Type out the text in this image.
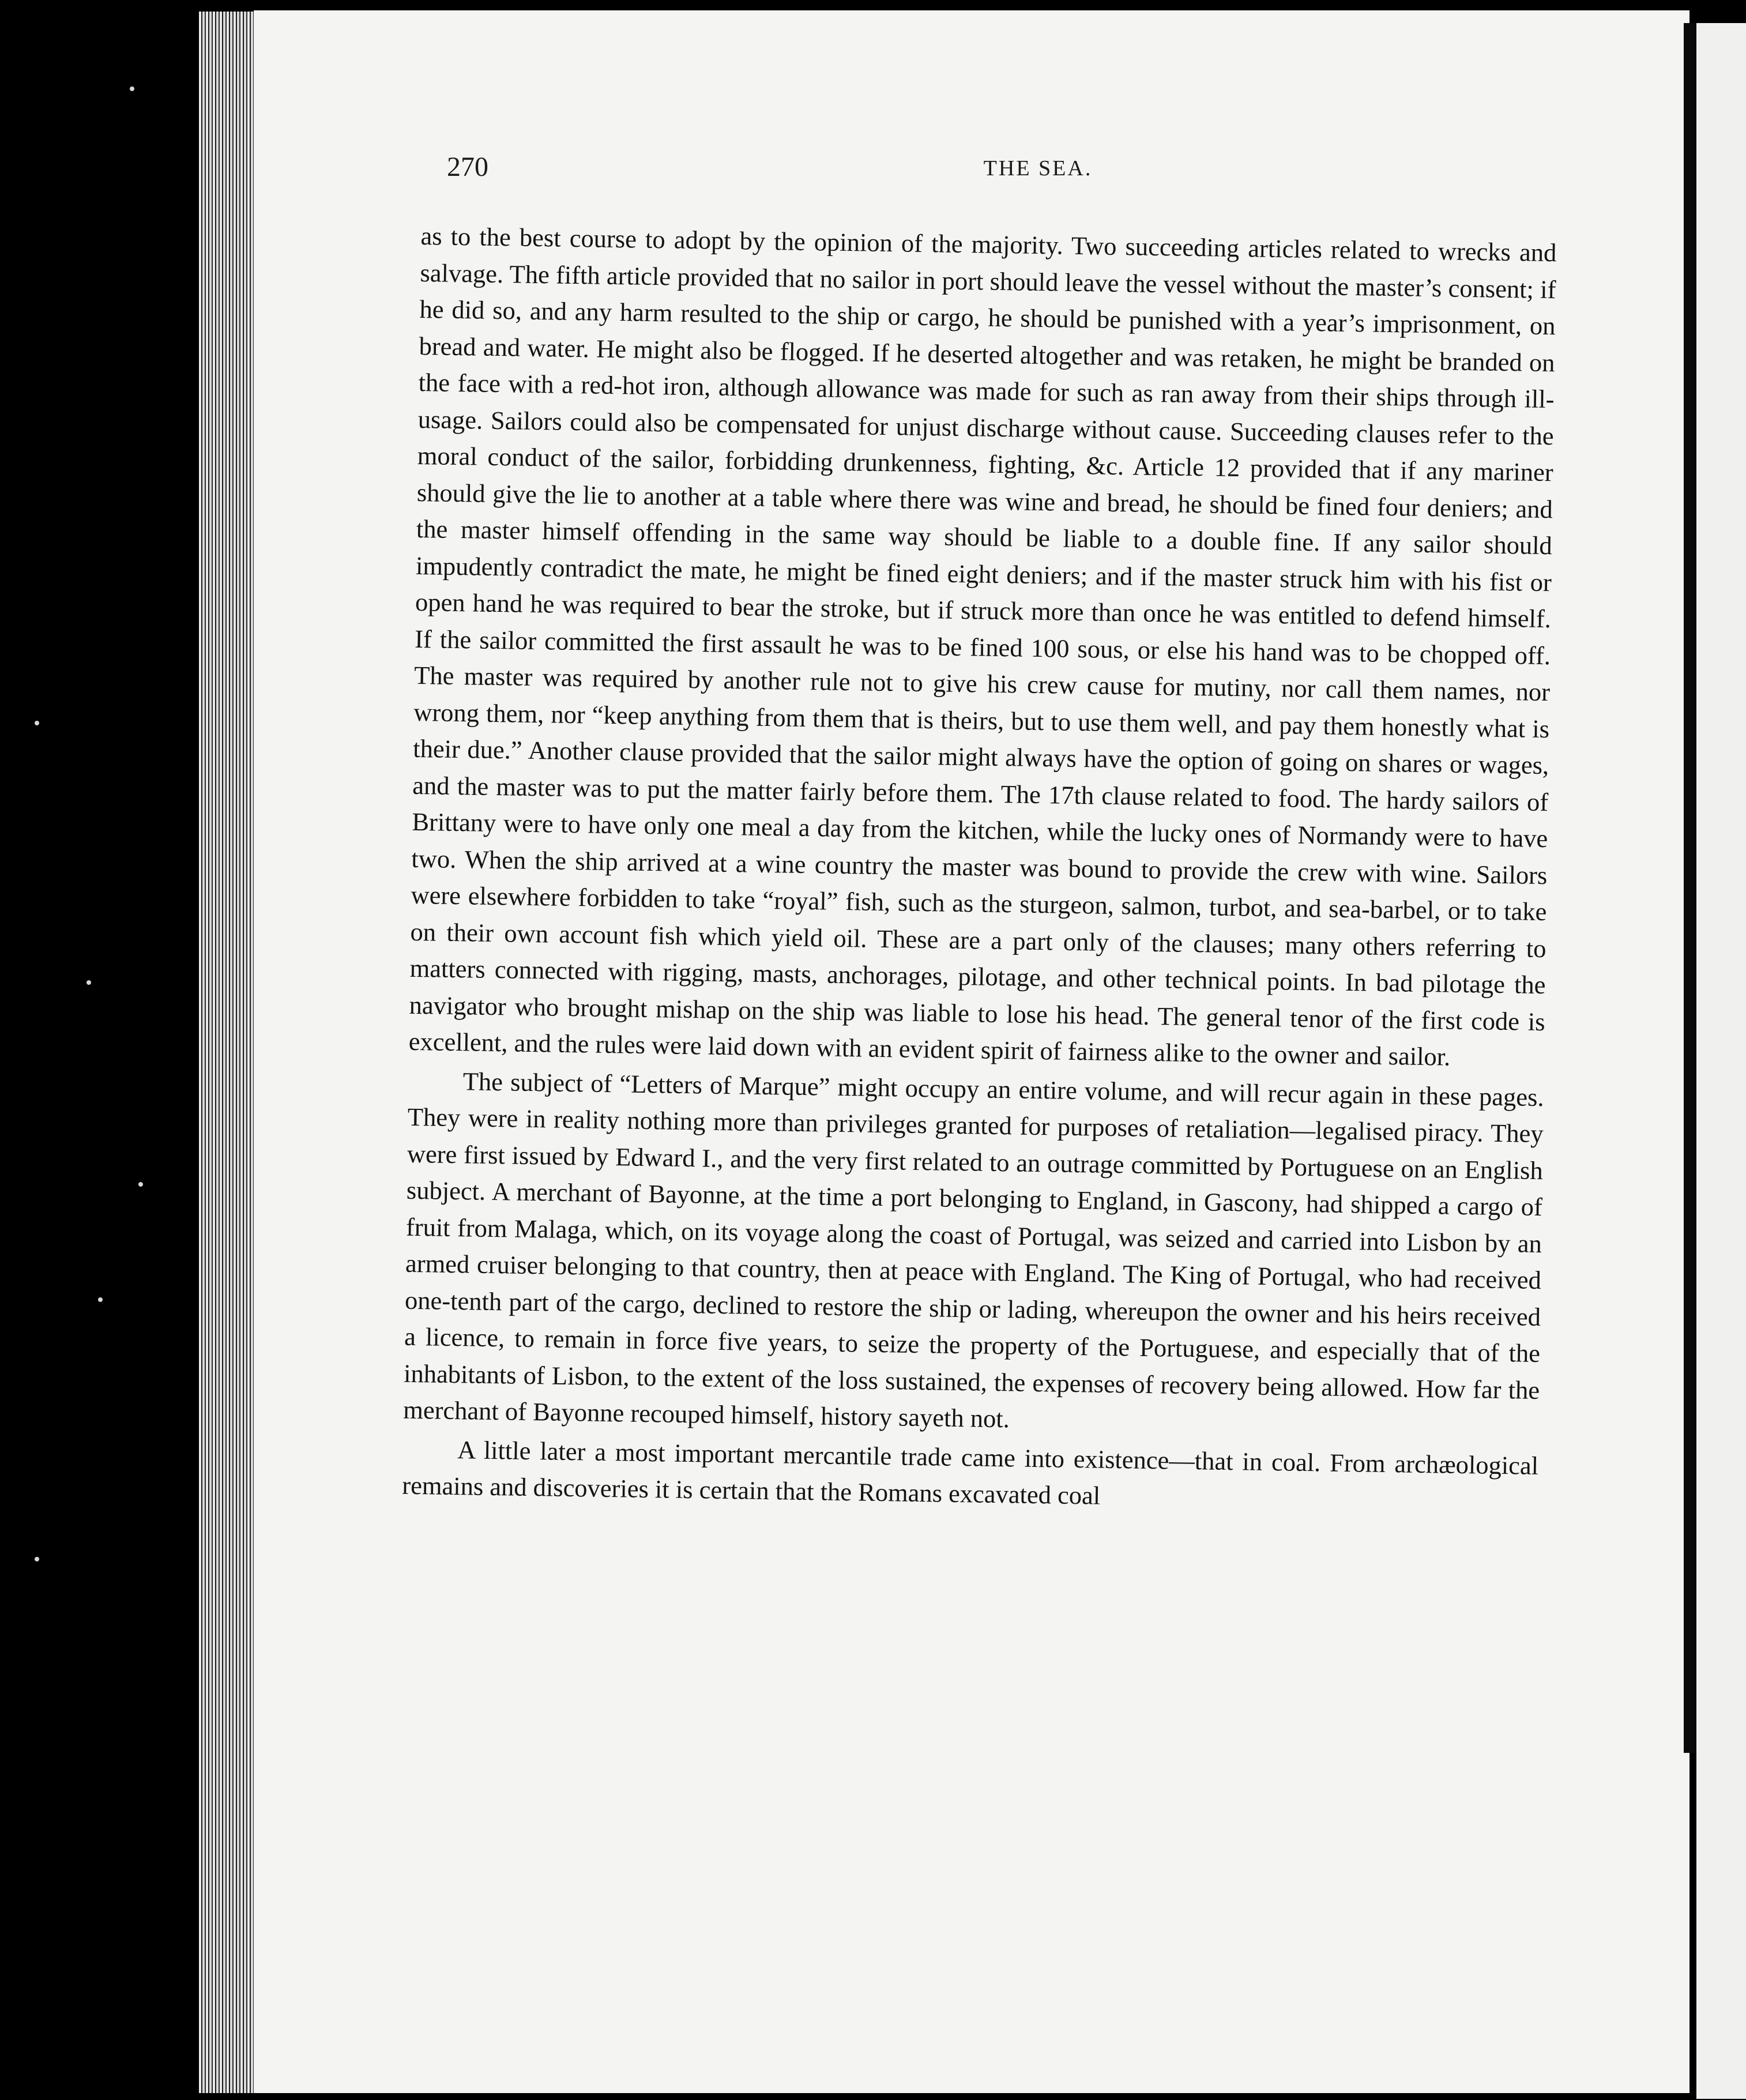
270	THE SEA.

as to the best course to adopt by the opinion of the majority. Two succeeding articles related to wrecks and salvage. The fifth article provided that no sailor in port should leave the vessel without the master’s consent; if he did so, and any harm resulted to the ship or cargo, he should be punished with a year’s imprisonment, on bread and water. He might also be flogged. If he deserted altogether and was retaken, he might be branded on the face with a red-hot iron, although allowance was made for such as ran away from their ships through ill-usage. Sailors could also be compensated for unjust discharge without cause. Succeeding clauses refer to the moral conduct of the sailor, forbidding drunkenness, fighting, &c. Article 12 provided that if any mariner should give the lie to another at a table where there was wine and bread, he should be fined four deniers; and the master himself offending in the same way should be liable to a double fine. If any sailor should impudently contradict the mate, he might be fined eight deniers; and if the master struck him with his fist or open hand he was required to bear the stroke, but if struck more than once he was entitled to defend himself. If the sailor committed the first assault he was to be fined 100 sous, or else his hand was to be chopped off. The master was required by another rule not to give his crew cause for mutiny, nor call them names, nor wrong them, nor “keep anything from them that is theirs, but to use them well, and pay them honestly what is their due.” Another clause provided that the sailor might always have the option of going on shares or wages, and the master was to put the matter fairly before them. The 17th clause related to food. The hardy sailors of Brittany were to have only one meal a day from the kitchen, while the lucky ones of Normandy were to have two. When the ship arrived at a wine country the master was bound to provide the crew with wine. Sailors were elsewhere forbidden to take “royal” fish, such as the sturgeon, salmon, turbot, and sea-barbel, or to take on their own account fish which yield oil. These are a part only of the clauses; many others referring to matters connected with rigging, masts, anchorages, pilotage, and other technical points. In bad pilotage the navigator who brought mishap on the ship was liable to lose his head. The general tenor of the first code is excellent, and the rules were laid down with an evident spirit of fairness alike to the owner and sailor.

The subject of “Letters of Marque” might occupy an entire volume, and will recur again in these pages. They were in reality nothing more than privileges granted for purposes of retaliation—legalised piracy. They were first issued by Edward I., and the very first related to an outrage committed by Portuguese on an English subject. A merchant of Bayonne, at the time a port belonging to England, in Gascony, had shipped a cargo of fruit from Malaga, which, on its voyage along the coast of Portugal, was seized and carried into Lisbon by an armed cruiser belonging to that country, then at peace with England. The King of Portugal, who had received one-tenth part of the cargo, declined to restore the ship or lading, whereupon the owner and his heirs received a licence, to remain in force five years, to seize the property of the Portuguese, and especially that of the inhabitants of Lisbon, to the extent of the loss sustained, the expenses of recovery being allowed. How far the merchant of Bayonne recouped himself, history sayeth not.

A little later a most important mercantile trade came into existence—that in coal. From archæological remains and discoveries it is certain that the Romans excavated coal
